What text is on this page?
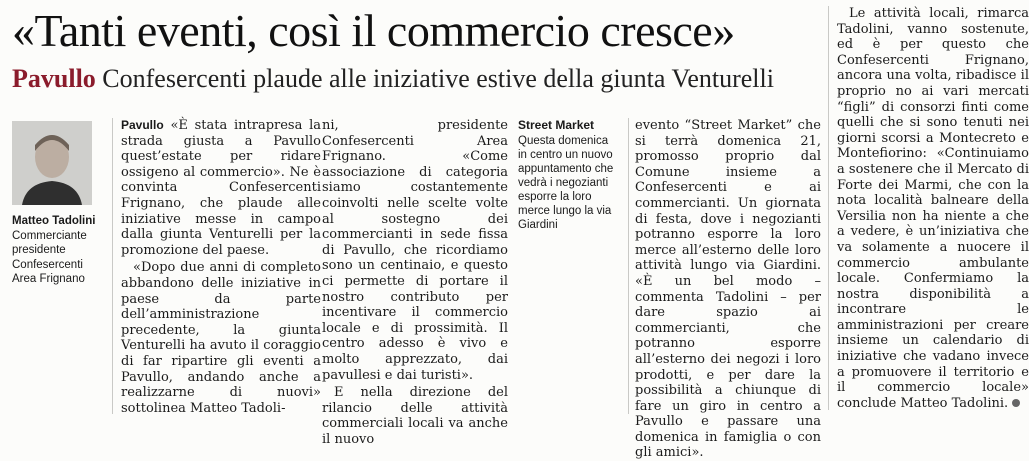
«Tanti eventi, così il commercio cresce»
Pavullo Confesercenti plaude alle iniziative estive della giunta Venturelli
Matteo Tadolini
Commerciante
presidente
Confesercenti
Area Frignano

Pavullo «È stata intrapresa la strada giusta a Pavullo quest’estate per ridare ossigeno al commercio». Ne è convinta Confesercenti Frignano, che plaude alle iniziative messe in campo dalla giunta Venturelli per la promozione del paese.

«Dopo due anni di completo abbandono delle iniziative in paese da parte dell’amministrazione precedente, la giunta Venturelli ha avuto il coraggio di far ripartire gli eventi a Pavullo, andando anche a realizzarne di nuovi» sottolinea Matteo Tadoli-

ni, presidente Confesercenti Area Frignano. «Come associazione di categoria siamo costantemente coinvolti nelle scelte volte al sostegno dei commercianti in sede fissa di Pavullo, che ricordiamo sono un centinaio, e questo ci permette di portare il nostro contributo per incentivare il commercio locale e di prossimità. Il centro adesso è vivo e molto apprezzato, dai pavullesi e dai turisti».

E nella direzione del rilancio delle attività commerciali locali va anche il nuovo

Street Market
Questa domenica in centro un nuovo appuntamento che vedrà i negozianti esporre la loro merce lungo la via Giardini

evento “Street Market” che si terrà domenica 21, promosso proprio dal Comune insieme a Confesercenti e ai commercianti. Un giornata di festa, dove i negozianti potranno esporre la loro merce all’esterno delle loro attività lungo via Giardini. «È un bel modo – commenta Tadolini – per dare spazio ai commercianti, che potranno esporre all’esterno dei negozi i loro prodotti, e per dare la possibilità a chiunque di fare un giro in centro a Pavullo e passare una domenica in famiglia o con gli amici».

Le attività locali, rimarca Tadolini, vanno sostenute, ed è per questo che Confesercenti Frignano, ancora una volta, ribadisce il proprio no ai vari mercati “figli” di consorzi finti come quelli che si sono tenuti nei giorni scorsi a Montecreto e Montefiorino: «Continuiamo a sostenere che il Mercato di Forte dei Marmi, che con la nota località balneare della Versilia non ha niente a che a vedere, è un’iniziativa che va solamente a nuocere il commercio ambulante locale. Confermiamo la nostra disponibilità a incontrare le amministrazioni per creare insieme un calendario di iniziative che vadano invece a promuovere il territorio e il commercio locale» conclude Matteo Tadolini.
